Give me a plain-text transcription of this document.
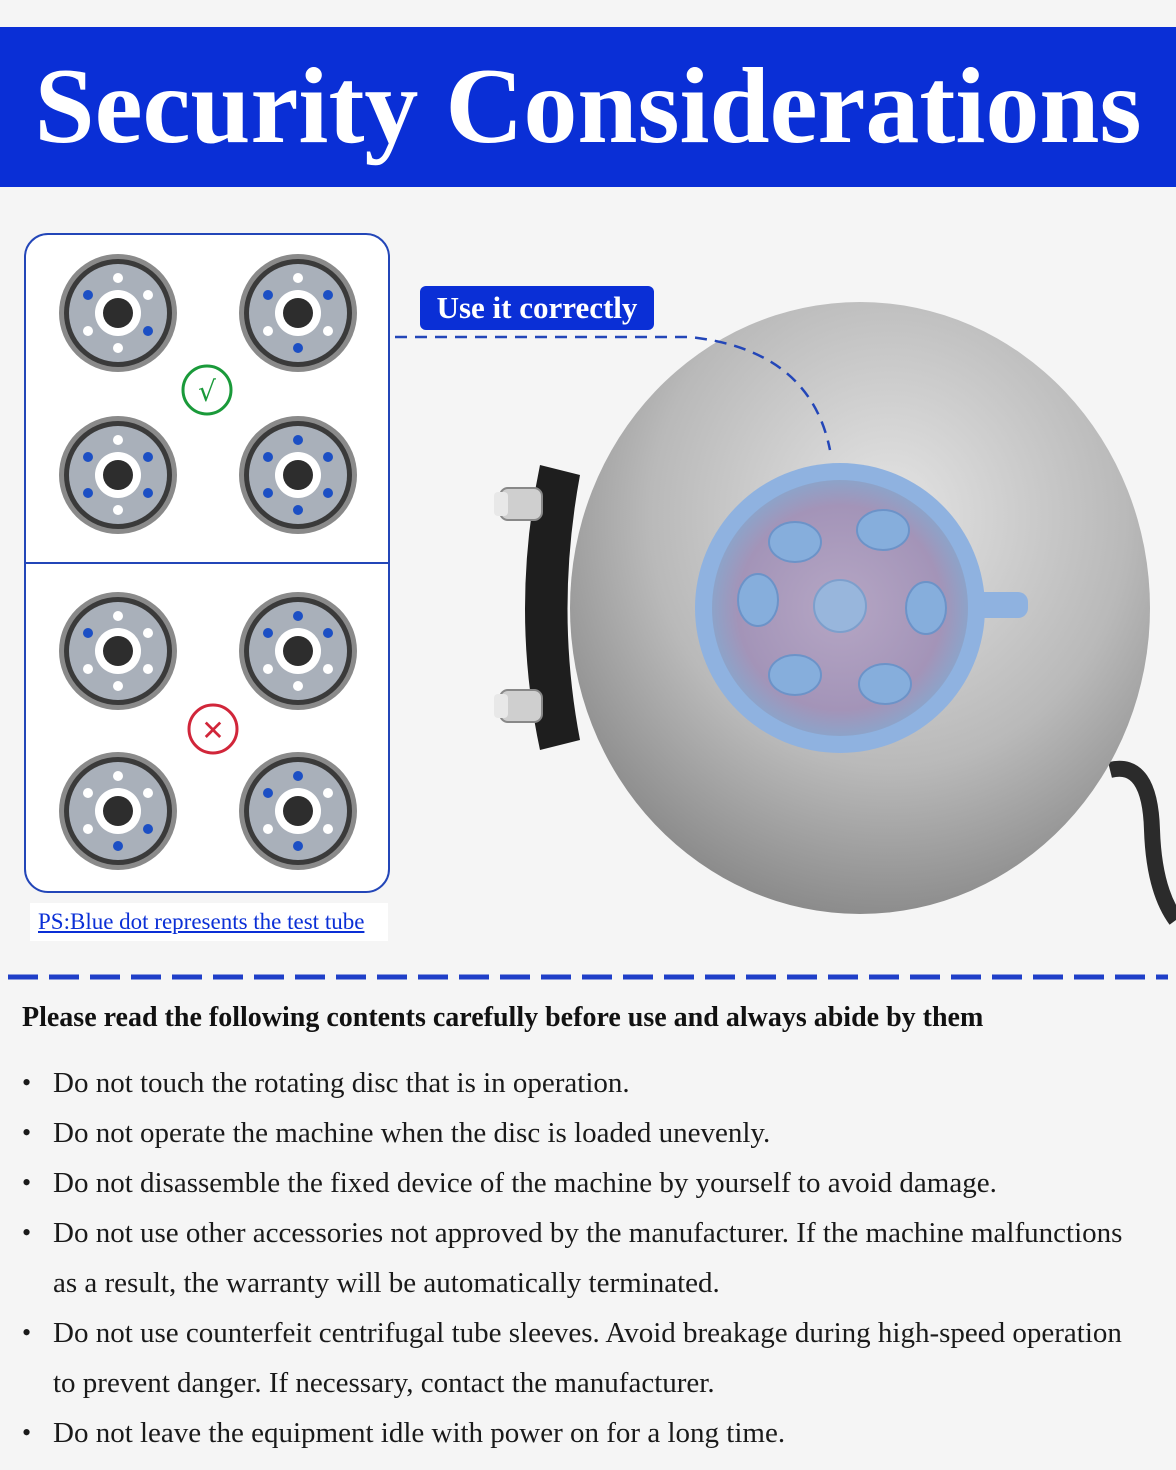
Security Considerations
√
✕
PS:Blue dot represents the test tube
Use it correctly
Please read the following contents carefully before use and always abide by them
• Do not touch the rotating disc that is in operation.
• Do not operate the machine when the disc is loaded unevenly.
• Do not disassemble the fixed device of the machine by yourself to avoid damage.
• Do not use other accessories not approved by the manufacturer. If the machine malfunctions as a result, the warranty will be automatically terminated.
• Do not use counterfeit centrifugal tube sleeves. Avoid breakage during high-speed operation to prevent danger. If necessary, contact the manufacturer.
• Do not leave the equipment idle with power on for a long time.
